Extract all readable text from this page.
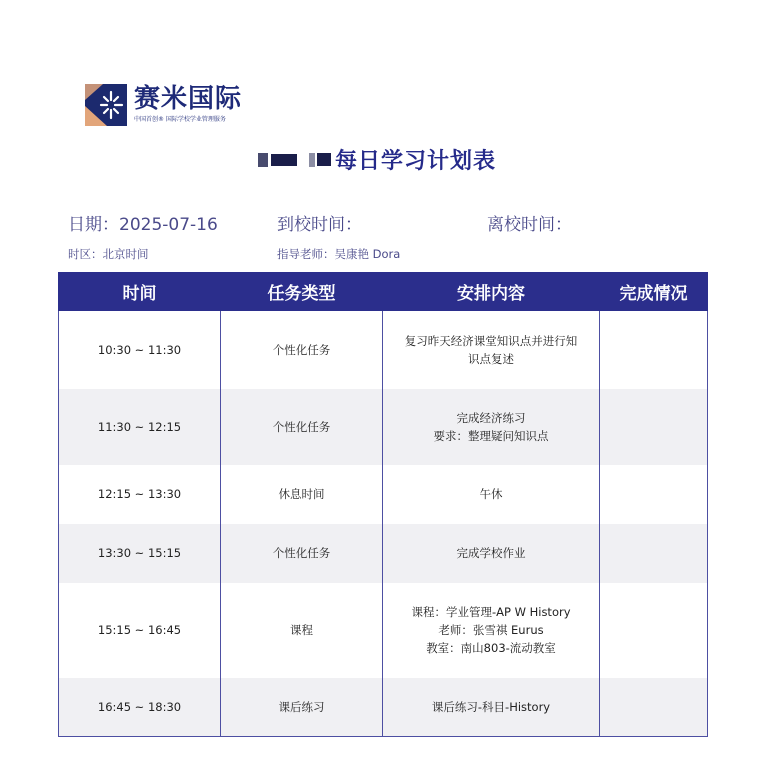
赛米国际
中国首创® 国际学校学业管理服务
每日学习计划表
日期：2025-07-16	到校时间：	离校时间：
时区：北京时间	指导老师：吴康艳 Dora
时间	任务类型	安排内容	完成情况
10:30 ~ 11:30	个性化任务	复习昨天经济课堂知识点并进行知
识点复述	

11:30 ~ 12:15	个性化任务	完成经济练习
要求：整理疑问知识点	

12:15 ~ 13:30	休息时间	午休	

13:30 ~ 15:15	个性化任务	完成学校作业	

15:15 ~ 16:45	课程	课程：学业管理-AP W History
老师：张雪祺 Eurus
教室：南山803-流动教室	

16:45 ~ 18:30	课后练习	课后练习-科目-History	
